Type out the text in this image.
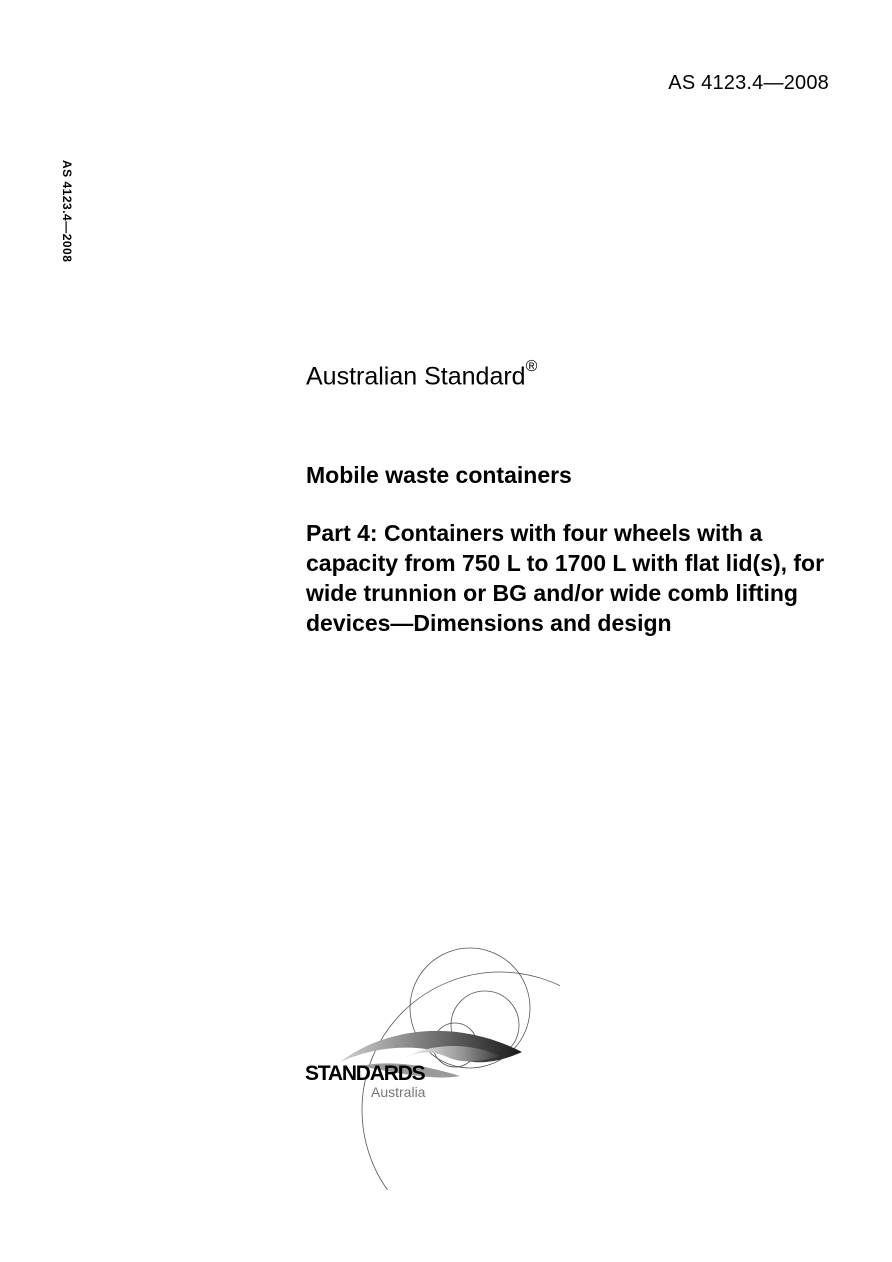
AS 4123.4—2008
AS 4123.4—2008
Australian Standard®
Mobile waste containers
Part 4: Containers with four wheels with a capacity from 750 L to 1700 L with flat lid(s), for wide trunnion or BG and/or wide comb lifting devices—Dimensions and design
STANDARDS
Australia
